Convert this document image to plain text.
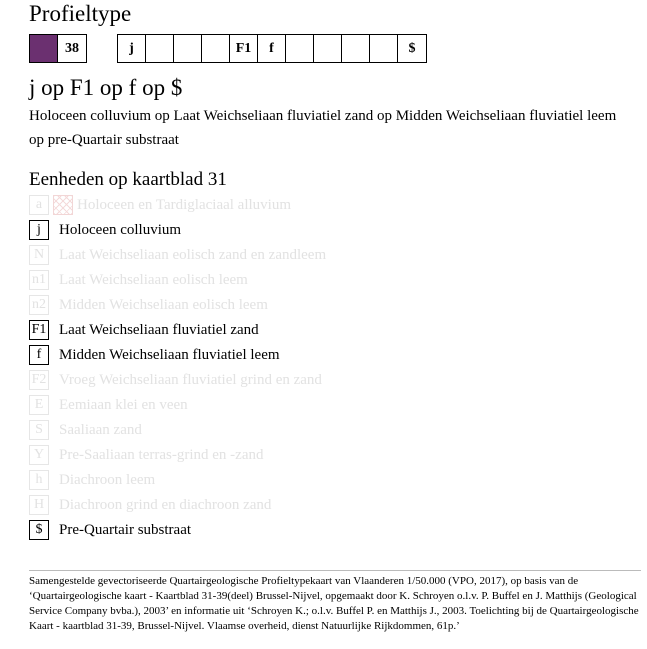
Profieltype
38	j	F1	f	$
j op F1 op f op $
Holoceen colluvium op Laat Weichseliaan fluviatiel zand op Midden Weichseliaan fluviatiel leem op pre-Quartair substraat
Eenheden op kaartblad 31
a	Holoceen en Tardiglaciaal alluvium
j	Holoceen colluvium
N Laat Weichseliaan eolisch zand en zandleem
n1 Laat Weichseliaan eolisch leem
n2 Midden Weichseliaan eolisch leem
F1 Laat Weichseliaan fluviatiel zand
f	Midden Weichseliaan fluviatiel leem
F2 Vroeg Weichseliaan fluviatiel grind en zand
E	Eemiaan klei en veen
S	Saaliaan zand
Y Pre-Saaliaan terras-grind en -zand
h	Diachroon leem
H Diachroon grind en diachroon zand
$	Pre-Quartair substraat
Samengestelde gevectoriseerde Quartairgeologische Profieltypekaart van Vlaanderen 1/50.000 (VPO, 2017), op basis van de ‘Quartairgeologische kaart - Kaartblad 31-39(deel) Brussel-Nijvel, opgemaakt door K. Schroyen o.l.v. P. Buffel en J. Matthijs (Geological Service Company bvba.), 2003’ en informatie uit ‘Schroyen K.; o.l.v. Buffel P. en Matthijs J., 2003. Toelichting bij de Quartairgeologische Kaart - kaartblad 31-39, Brussel-Nijvel. Vlaamse overheid, dienst Natuurlijke Rijkdommen, 61p.’
